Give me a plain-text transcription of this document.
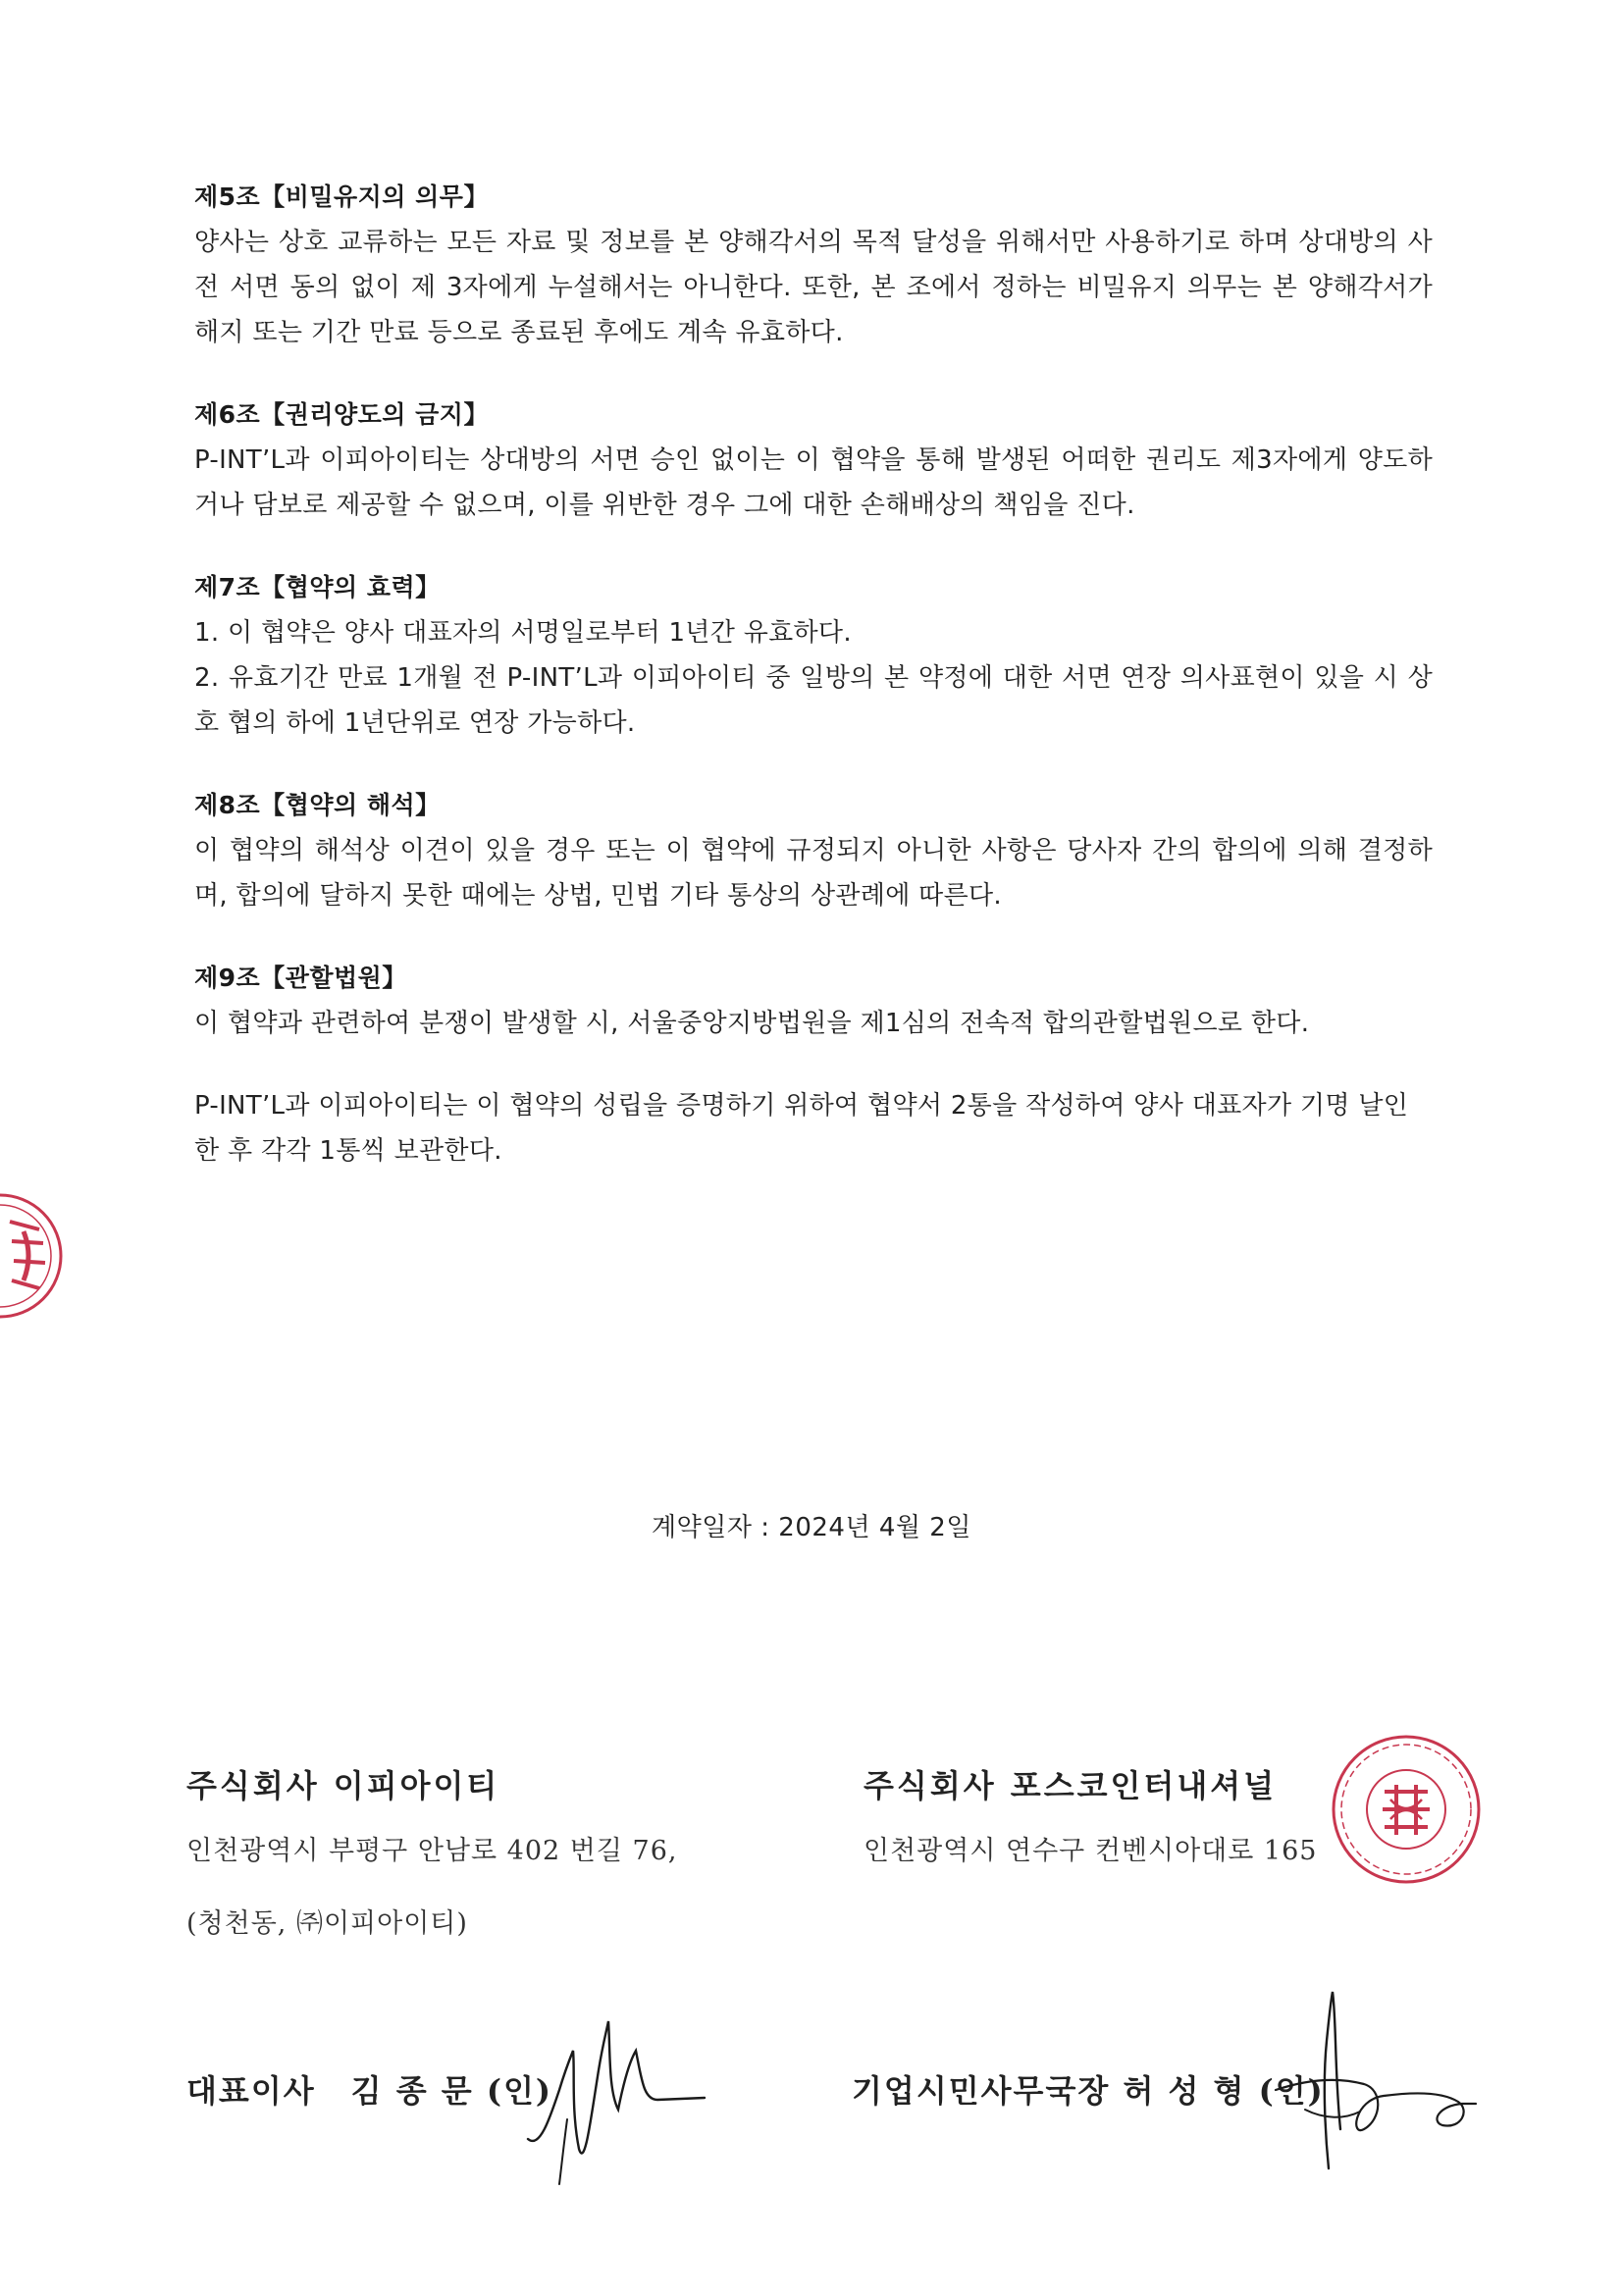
제5조【비밀유지의 의무】

양사는 상호 교류하는 모든 자료 및 정보를 본 양해각서의 목적 달성을 위해서만 사용하기로 하며 상대방의 사전 서면 동의 없이 제 3자에게 누설해서는 아니한다. 또한, 본 조에서 정하는 비밀유지 의무는 본 양해각서가 해지 또는 기간 만료 등으로 종료된 후에도 계속 유효하다.

제6조【권리양도의 금지】

P-INT’L과 이피아이티는 상대방의 서면 승인 없이는 이 협약을 통해 발생된 어떠한 권리도 제3자에게 양도하거나 담보로 제공할 수 없으며, 이를 위반한 경우 그에 대한 손해배상의 책임을 진다.

제7조【협약의 효력】

1. 이 협약은 양사 대표자의 서명일로부터 1년간 유효하다.

2. 유효기간 만료 1개월 전 P-INT’L과 이피아이티 중 일방의 본 약정에 대한 서면 연장 의사표현이 있을 시 상호 협의 하에 1년단위로 연장 가능하다.

제8조【협약의 해석】

이 협약의 해석상 이견이 있을 경우 또는 이 협약에 규정되지 아니한 사항은 당사자 간의 합의에 의해 결정하며, 합의에 달하지 못한 때에는 상법, 민법 기타 통상의 상관례에 따른다.

제9조【관할법원】

이 협약과 관련하여 분쟁이 발생할 시, 서울중앙지방법원을 제1심의 전속적 합의관할법원으로 한다.

P-INT’L과 이피아이티는 이 협약의 성립을 증명하기 위하여 협약서 2통을 작성하여 양사 대표자가 기명 날인한 후 각각 1통씩 보관한다.
계약일자 : 2024년 4월 2일
주식회사 이피아이티
인천광역시 부평구 안남로 402 번길 76,
(청천동, ㈜이피아이티)
주식회사 포스코인터내셔널
인천광역시 연수구 컨벤시아대로 165
대표이사 김 종 문 (인)	기업시민사무국장 허 성 형 (인)
